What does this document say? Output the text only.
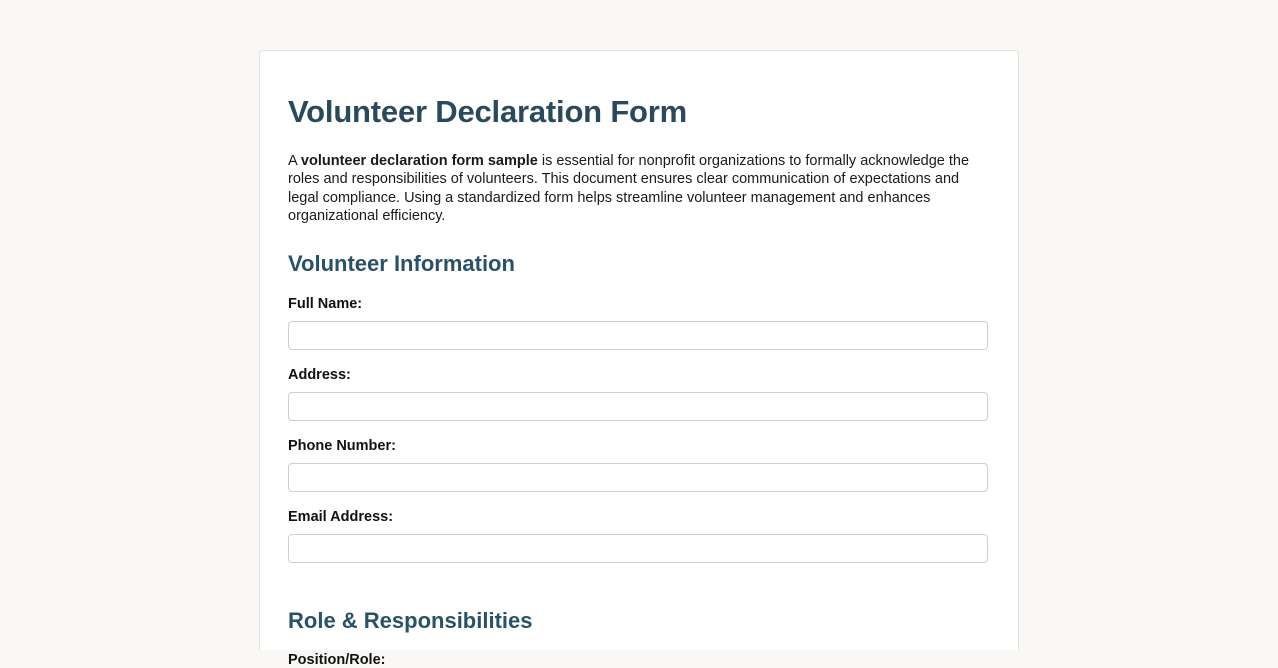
Volunteer Declaration Form

A volunteer declaration form sample is essential for nonprofit organizations to formally acknowledge the roles and responsibilities of volunteers. This document ensures clear communication of expectations and legal compliance. Using a standardized form helps streamline volunteer management and enhances organizational efficiency.

Volunteer Information
Full Name:
Address:
Phone Number:
Email Address:
Role & Responsibilities
Position/Role:
